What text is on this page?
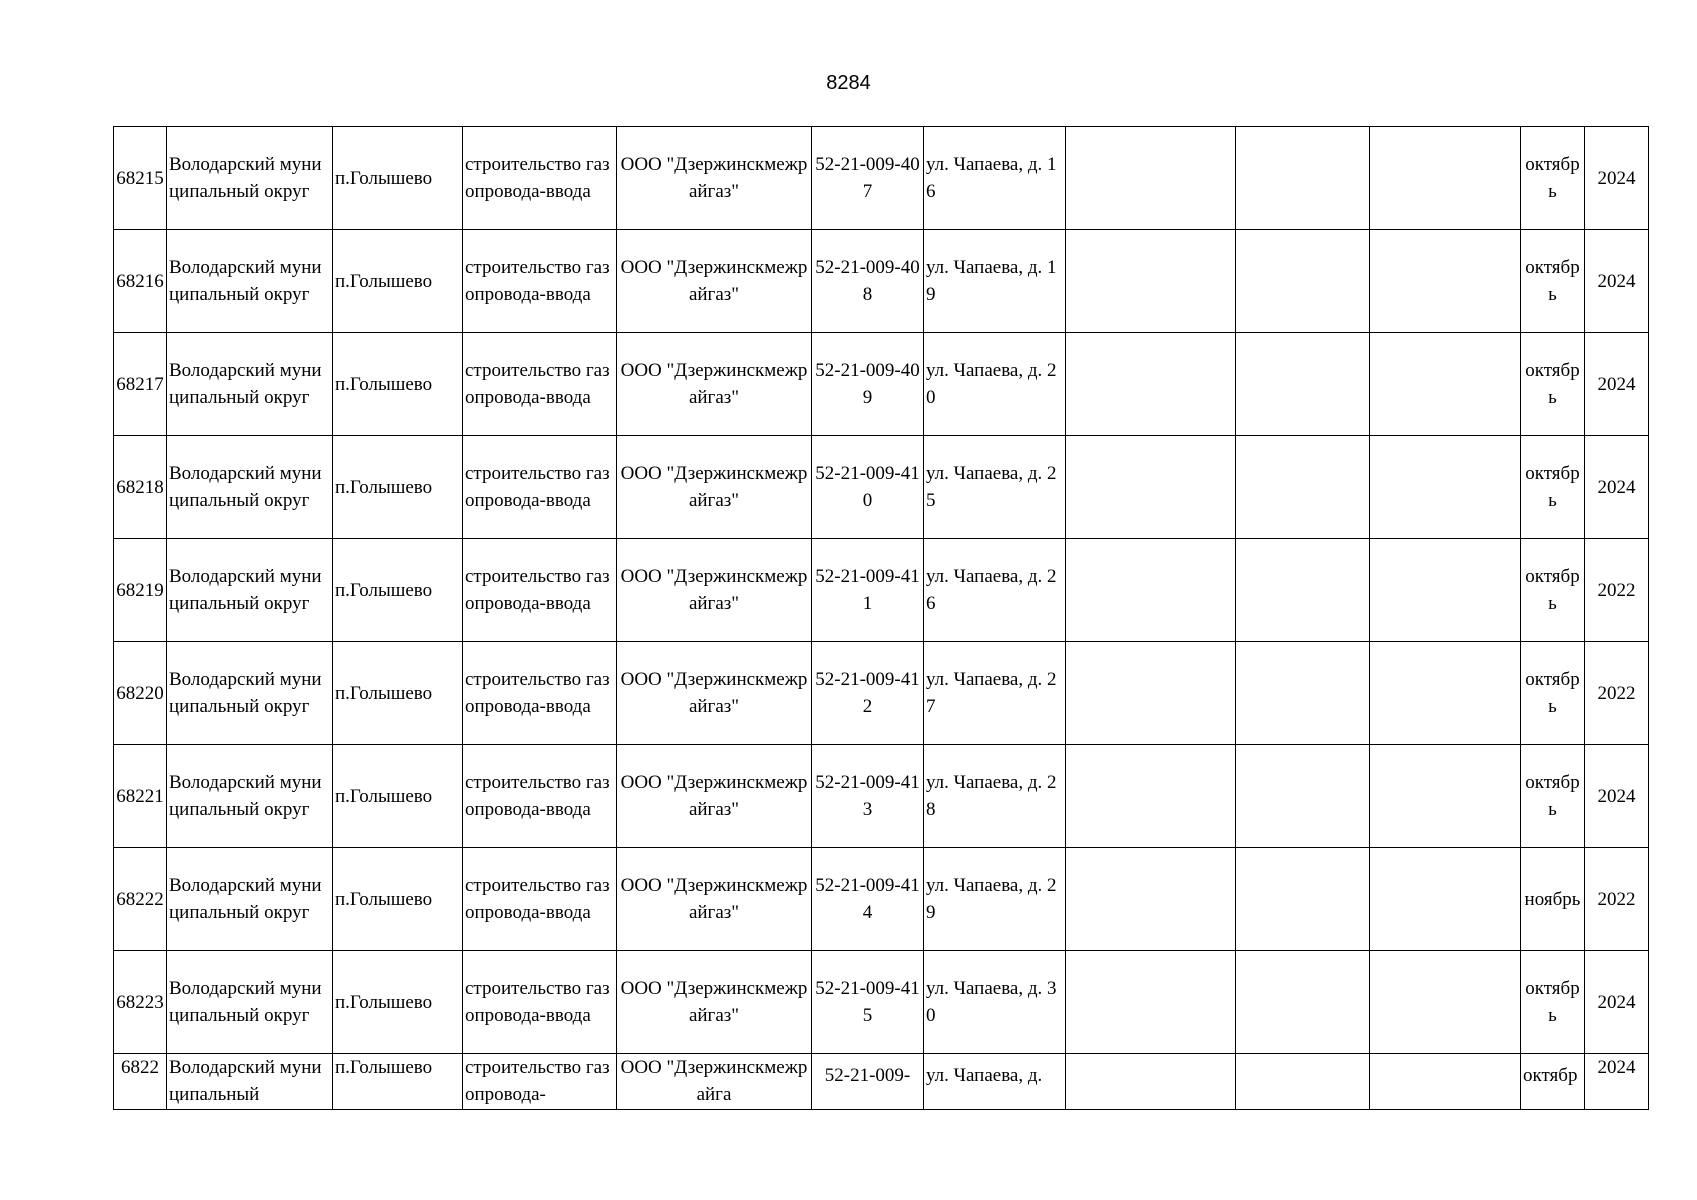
8284
68215	Володарский муниципальный округ	п.Голышево	строительство газопровода-ввода	ООО "Дзержинскмежрайгаз"	52-21-009-407	ул. Чапаева, д. 16				октябрь	2024
68216	Володарский муниципальный округ	п.Голышево	строительство газопровода-ввода	ООО "Дзержинскмежрайгаз"	52-21-009-408	ул. Чапаева, д. 19				октябрь	2024
68217	Володарский муниципальный округ	п.Голышево	строительство газопровода-ввода	ООО "Дзержинскмежрайгаз"	52-21-009-409	ул. Чапаева, д. 20				октябрь	2024
68218	Володарский муниципальный округ	п.Голышево	строительство газопровода-ввода	ООО "Дзержинскмежрайгаз"	52-21-009-410	ул. Чапаева, д. 25				октябрь	2024
68219	Володарский муниципальный округ	п.Голышево	строительство газопровода-ввода	ООО "Дзержинскмежрайгаз"	52-21-009-411	ул. Чапаева, д. 26				октябрь	2022
68220	Володарский муниципальный округ	п.Голышево	строительство газопровода-ввода	ООО "Дзержинскмежрайгаз"	52-21-009-412	ул. Чапаева, д. 27				октябрь	2022
68221	Володарский муниципальный округ	п.Голышево	строительство газопровода-ввода	ООО "Дзержинскмежрайгаз"	52-21-009-413	ул. Чапаева, д. 28				октябрь	2024
68222	Володарский муниципальный округ	п.Голышево	строительство газопровода-ввода	ООО "Дзержинскмежрайгаз"	52-21-009-414	ул. Чапаева, д. 29				ноябрь	2022
68223	Володарский муниципальный округ	п.Голышево	строительство газопровода-ввода	ООО "Дзержинскмежрайгаз"	52-21-009-415	ул. Чапаева, д. 30				октябрь	2024
6822	Володарский муниципальный	п.Голышево	строительство газопровода-	ООО "Дзержинскмежрайга	52-21-009-	ул. Чапаева, д.				октябр	2024
